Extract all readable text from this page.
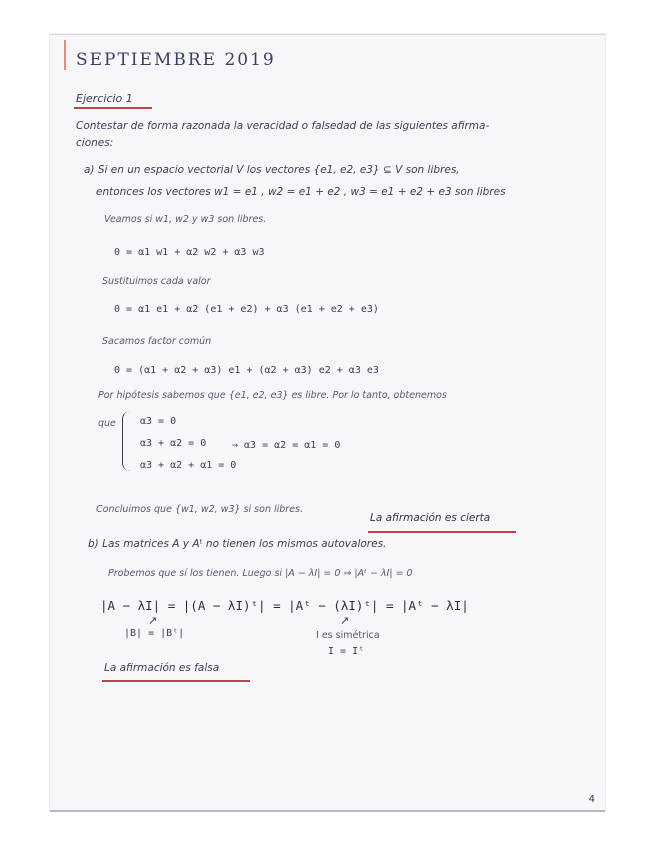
SEPTIEMBRE 2019
Ejercicio 1
Contestar de forma razonada la veracidad o falsedad de las siguientes afirma-
ciones:
a) Si en un espacio vectorial V los vectores {e1, e2, e3} ⊆ V son libres,
entonces los vectores w1 = e1 , w2 = e1 + e2 , w3 = e1 + e2 + e3 son libres
Veamos si w1, w2 y w3 son libres.
0 = α1 w1 + α2 w2 + α3 w3
Sustituimos cada valor
0 = α1 e1 + α2 (e1 + e2) + α3 (e1 + e2 + e3)
Sacamos factor común
0 = (α1 + α2 + α3) e1 + (α2 + α3) e2 + α3 e3
Por hipótesis sabemos que {e1, e2, e3} es libre. Por lo tanto, obtenemos
que α3 = 0
α3 + α2 = 0
α3 + α2 + α1 = 0
⇒ α3 = α2 = α1 = 0
Concluimos que {w1, w2, w3} si son libres.
La afirmación es cierta
b) Las matrices A y Aᵗ no tienen los mismos autovalores.
Probemos que sí los tienen. Luego si |A − λI| = 0 ⇒ |Aᵗ − λI| = 0
|A − λI| = |(A − λI)ᵗ| = |Aᵗ − (λI)ᵗ| = |Aᵗ − λI|
↗
|B| = |Bᵗ|
↗
I es simétrica
I = Iᵗ
La afirmación es falsa
4
